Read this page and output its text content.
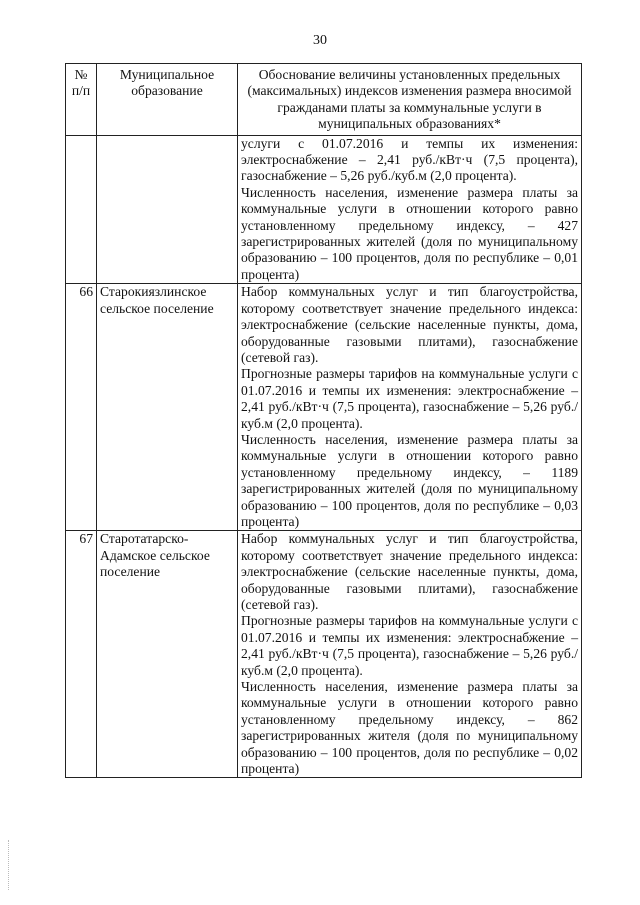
30
№ п/п	Муниципальное образование	Обоснование величины установленных предельных (максимальных) индексов изменения размера вносимой гражданами платы за коммунальные услуги в муниципальных образованиях*

		услуги с 01.07.2016 и темпы их изменения: электроснабжение – 2,41 руб./кВт·ч (7,5 процента), газоснабжение – 5,26 руб./куб.м (2,0 процента).

Численность населения, изменение размера платы за коммунальные услуги в отношении которого равно установленному предельному индексу, – 427 зарегистрированных жителей (доля по муниципальному образованию – 100 процентов, доля по республике – 0,01 процента)

66	Старокиязлинское сельское поселение	Набор коммунальных услуг и тип благоустройства, которому соответствует значение предельного индекса: электроснабжение (сельские населенные пункты, дома, оборудованные газовыми плитами), газоснабжение (сетевой газ).

Прогнозные размеры тарифов на коммунальные услуги с 01.07.2016 и темпы их изменения: электроснабжение – 2,41 руб./кВт·ч (7,5 процента), газоснабжение – 5,26 руб./куб.м (2,0 процента).

Численность населения, изменение размера платы за коммунальные услуги в отношении которого равно установленному предельному индексу, – 1189 зарегистрированных жителей (доля по муниципальному образованию – 100 процентов, доля по республике – 0,03 процента)

67	Старотатарско-Адамское сельское поселение	Набор коммунальных услуг и тип благоустройства, которому соответствует значение предельного индекса: электроснабжение (сельские населенные пункты, дома, оборудованные газовыми плитами), газоснабжение (сетевой газ).

Прогнозные размеры тарифов на коммунальные услуги с 01.07.2016 и темпы их изменения: электроснабжение – 2,41 руб./кВт·ч (7,5 процента), газоснабжение – 5,26 руб./куб.м (2,0 процента).

Численность населения, изменение размера платы за коммунальные услуги в отношении которого равно установленному предельному индексу, – 862 зарегистрированных жителя (доля по муниципальному образованию – 100 процентов, доля по республике – 0,02 процента)
